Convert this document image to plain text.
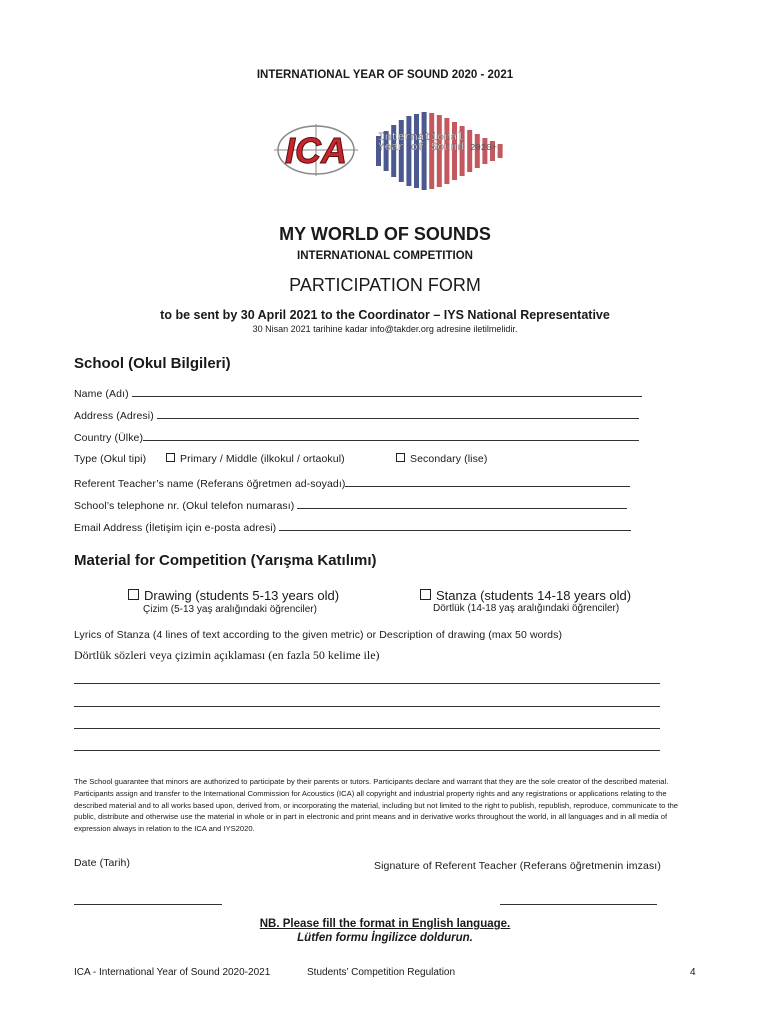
INTERNATIONAL YEAR OF SOUND 2020 - 2021
ICA	International
Year of Sound 2020+
MY WORLD OF SOUNDS
INTERNATIONAL COMPETITION
PARTICIPATION FORM
to be sent by 30 April 2021 to the Coordinator – IYS National Representative
30 Nisan 2021 tarihine kadar info@takder.org adresine iletilmelidir.
School (Okul Bilgileri)
Name (Adı)
Address (Adresi)
Country (Ülke)
Type (Okul tipi)	Primary / Middle (ilkokul / ortaokul)	Secondary (lise)
Referent Teacher’s name (Referans öğretmen ad-soyadı)
School’s telephone nr. (Okul telefon numarası)
Email Address (İletişim için e-posta adresi)
Material for Competition (Yarışma Katılımı)
Drawing (students 5-13 years old)
Çizim (5-13 yaş aralığındaki öğrenciler)
Stanza (students 14-18 years old)
Dörtlük (14-18 yaş aralığındaki öğrenciler)
Lyrics of Stanza (4 lines of text according to the given metric) or Description of drawing (max 50 words)
Dörtlük sözleri veya çizimin açıklaması (en fazla 50 kelime ile)
The School guarantee that minors are authorized to participate by their parents or tutors. Participants declare and warrant that they are the sole creator of the described material. Participants assign and transfer to the International Commission for Acoustics (ICA) all copyright and industrial property rights and any registrations or applications relating to the described material and to all works based upon, derived from, or incorporating the material, including but not limited to the right to publish, republish, reproduce, communicate to the public, distribute and otherwise use the material in whole or in part in electronic and print means and in derivative works throughout the world, in all languages and in all media of expression always in relation to the ICA and IYS2020.
Date (Tarih)	Signature of Referent Teacher (Referans öğretmenin imzası)
NB. Please fill the format in English language.
Lütfen formu İngilizce doldurun.
ICA - International Year of Sound 2020-2021	Students’ Competition Regulation	4
